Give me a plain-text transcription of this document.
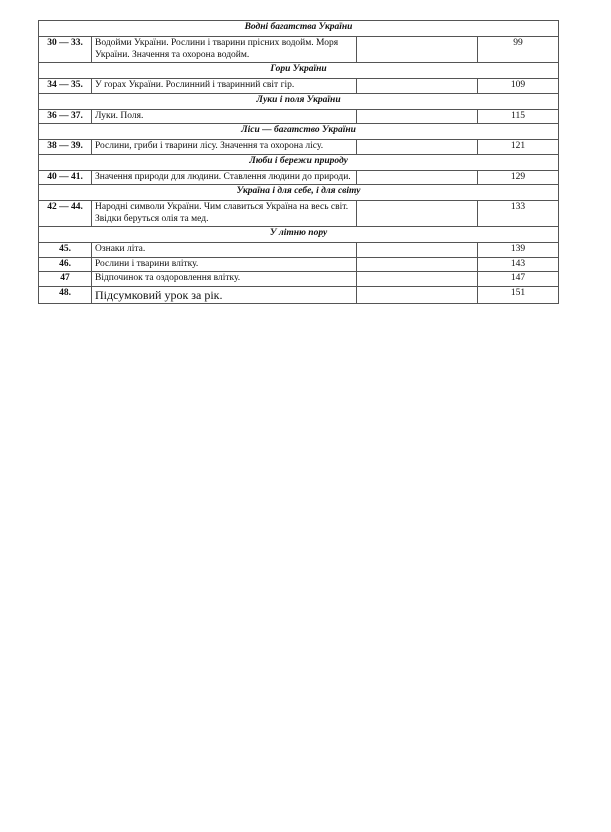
Водні багатства України			
30 — 33.	Водойми України. Рослини і тварини прісних водойм. Моря України. Значення та охорона водойм.		99
Гори України			
34 — 35.	У горах України. Рослинний і тваринний світ гір.		109
Луки і поля України			
36 — 37.	Луки. Поля.		115
Ліси — багатство України			
38 — 39.	Рослини, гриби і тварини лісу. Значення та охорона лісу.		121
Люби і бережи природу			
40 — 41.	Значення природи для людини. Ставлення людини до природи.		129
Україна і для себе, і для світу			
42 — 44.	Народні символи України. Чим славиться Україна на весь світ. Звідки беруться олія та мед.		133
У літню пору			
45.	Ознаки літа.		139
46.	Рослини і тварини влітку.		143
47	Відпочинок та оздоровлення влітку.		147
48.	Підсумковий урок за рік.		151
